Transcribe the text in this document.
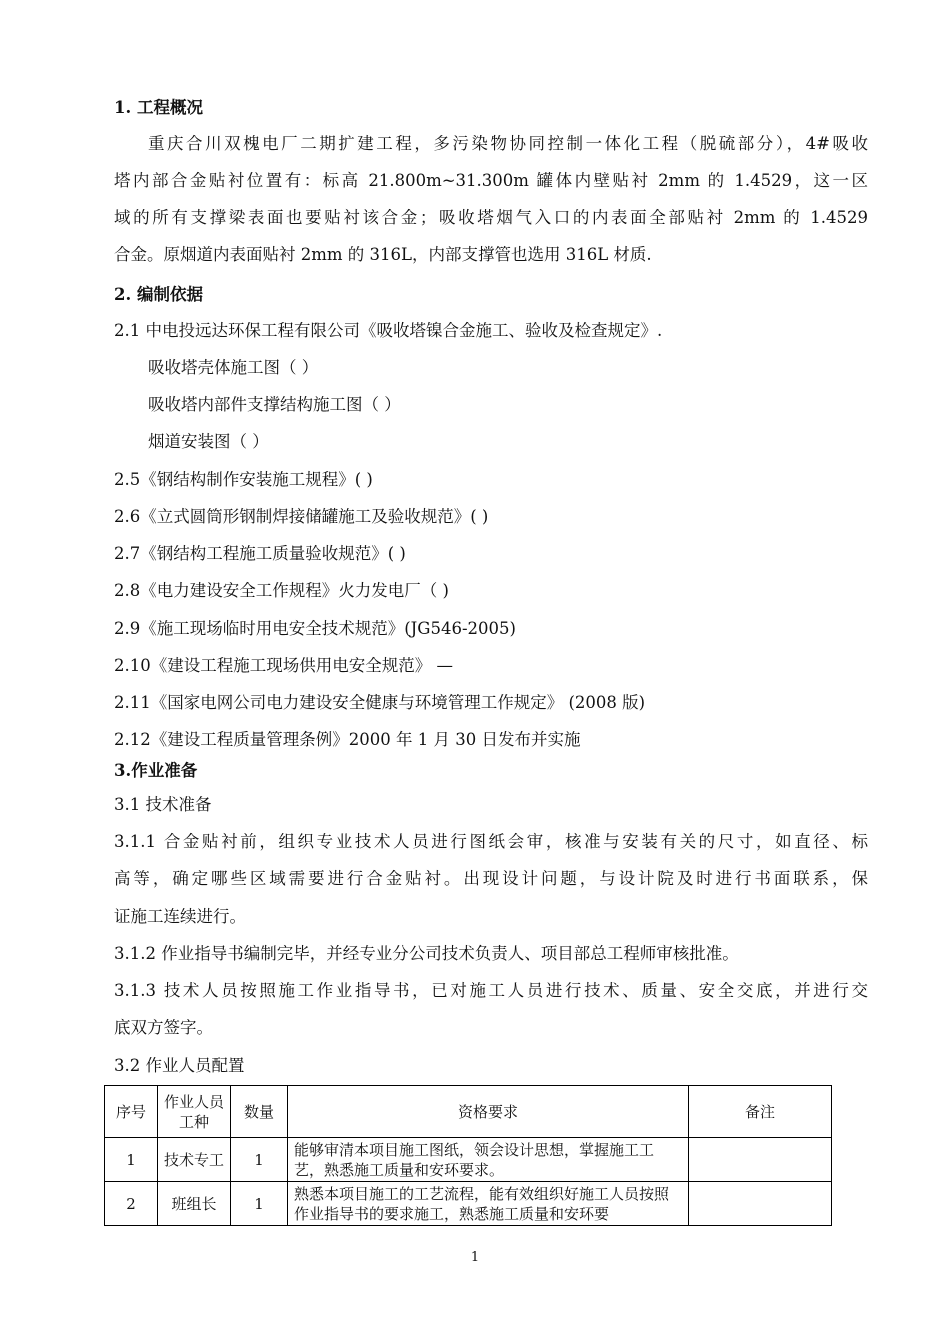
1. 工程概况
重庆合川双槐电厂二期扩建工程，多污染物协同控制一体化工程（脱硫部分），4#吸收
塔内部合金贴衬位置有：标高 21.800m~31.300m 罐体内壁贴衬 2mm 的 1.4529，这一区
域的所有支撑梁表面也要贴衬该合金；吸收塔烟气入口的内表面全部贴衬 2mm 的 1.4529
合金。原烟道内表面贴衬 2mm 的 316L，内部支撑管也选用 316L 材质.
2. 编制依据
2.1 中电投远达环保工程有限公司《吸收塔镍合金施工、验收及检查规定》.
吸收塔壳体施工图（ ）
吸收塔内部件支撑结构施工图（ ）
烟道安装图（ ）
2.5《钢结构制作安装施工规程》( )
2.6《立式圆筒形钢制焊接储罐施工及验收规范》( )
2.7《钢结构工程施工质量验收规范》( )
2.8《电力建设安全工作规程》火力发电厂（ )
2.9《施工现场临时用电安全技术规范》(JG546-2005)
2.10《建设工程施工现场供用电安全规范》 —
2.11《国家电网公司电力建设安全健康与环境管理工作规定》 (2008 版)
2.12《建设工程质量管理条例》2000 年 1 月 30 日发布并实施
3.作业准备
3.1 技术准备
3.1.1 合金贴衬前，组织专业技术人员进行图纸会审，核准与安装有关的尺寸，如直径、标
高等，确定哪些区域需要进行合金贴衬。出现设计问题，与设计院及时进行书面联系，保
证施工连续进行。
3.1.2 作业指导书编制完毕，并经专业分公司技术负责人、项目部总工程师审核批准。
3.1.3 技术人员按照施工作业指导书，已对施工人员进行技术、质量、安全交底，并进行交
底双方签字。
3.2 作业人员配置
序号	作业人员工种	数量	资格要求	备注
1	技术专工	1	能够审清本项目施工图纸，领会设计思想，掌握施工工艺，熟悉施工质量和安环要求。	
2	班组长	1	熟悉本项目施工的工艺流程，能有效组织好施工人员按照作业指导书的要求施工，熟悉施工质量和安环要	
1
